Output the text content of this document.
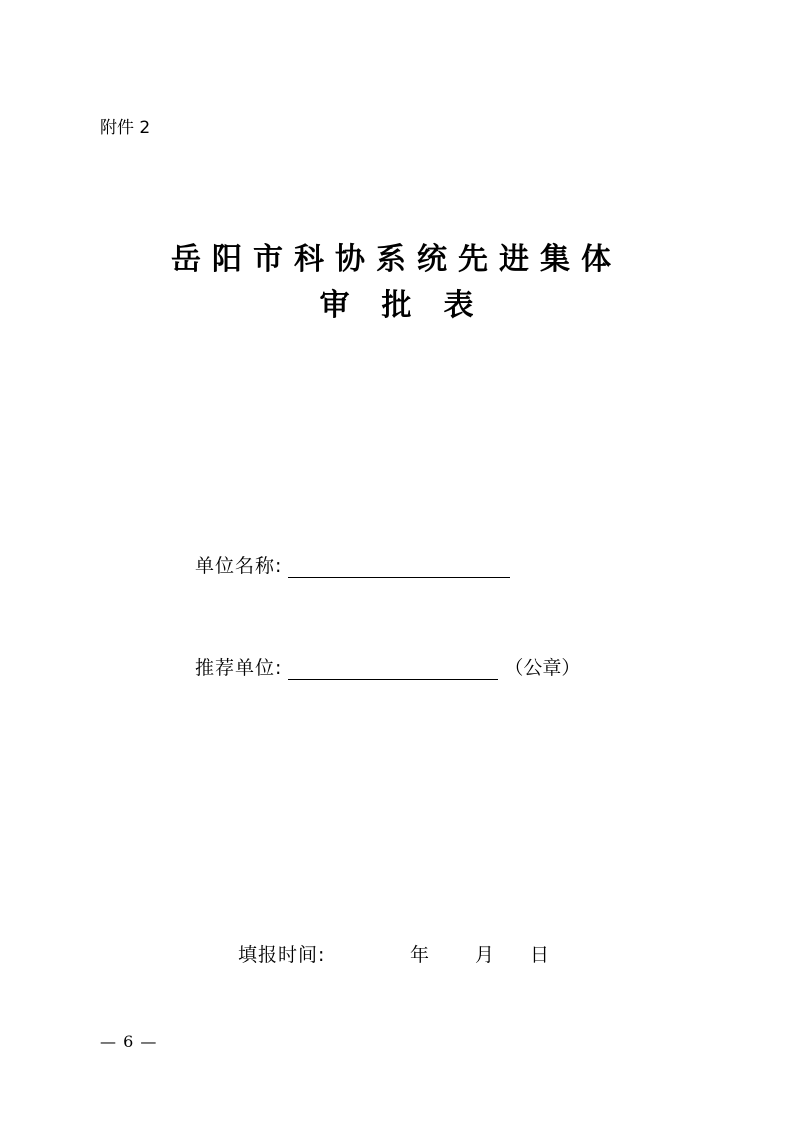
附件 2
岳阳市科协系统先进集体
审批表
单位名称:
推荐单位:	（公章）
填报时间:	年 月 日
— 6 —
